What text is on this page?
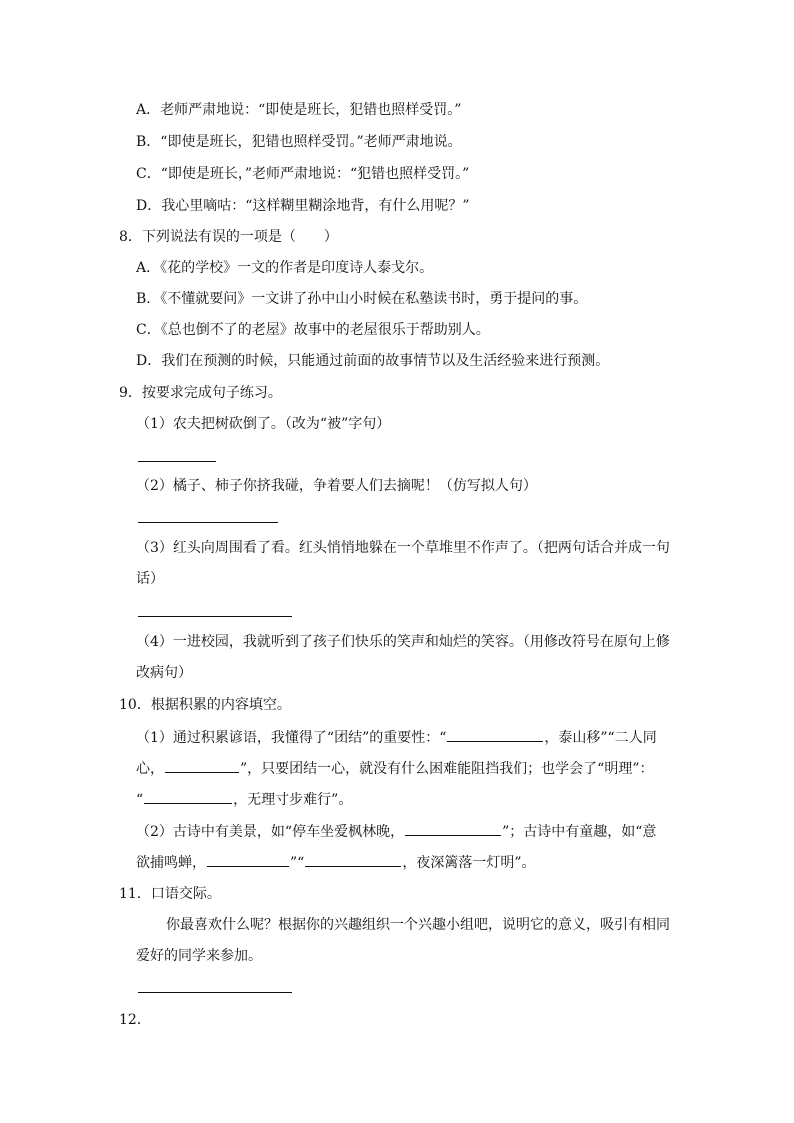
A．老师严肃地说：“即使是班长，犯错也照样受罚。”
B．“即使是班长，犯错也照样受罚。”老师严肃地说。
C．“即使是班长，”老师严肃地说：“犯错也照样受罚。”
D．我心里嘀咕：“这样糊里糊涂地背，有什么用呢？”
8．下列说法有误的一项是（　　）
A．《花的学校》一文的作者是印度诗人泰戈尔。
B．《不懂就要问》一文讲了孙中山小时候在私塾读书时，勇于提问的事。
C．《总也倒不了的老屋》故事中的老屋很乐于帮助别人。
D．我们在预测的时候，只能通过前面的故事情节以及生活经验来进行预测。
9．按要求完成句子练习。
（1）农夫把树砍倒了。（改为“被”字句）
（2）橘子、柿子你挤我碰，争着要人们去摘呢！（仿写拟人句）
（3）红头向周围看了看。红头悄悄地躲在一个草堆里不作声了。（把两句话合并成一句
话）
（4）一进校园，我就听到了孩子们快乐的笑声和灿烂的笑容。（用修改符号在原句上修
改病句）
10．根据积累的内容填空。
（1）通过积累谚语，我懂得了“团结”的重要性：“	，泰山移”“二人同
心，	”，只要团结一心，就没有什么困难能阻挡我们；也学会了“明理”：
“	，无理寸步难行”。
（2）古诗中有美景，如“停车坐爱枫林晚，	”；古诗中有童趣，如“意
欲捕鸣蝉，	”“	，夜深篱落一灯明”。
11．口语交际。
你最喜欢什么呢？根据你的兴趣组织一个兴趣小组吧，说明它的意义，吸引有相同
爱好的同学来参加。
12．
